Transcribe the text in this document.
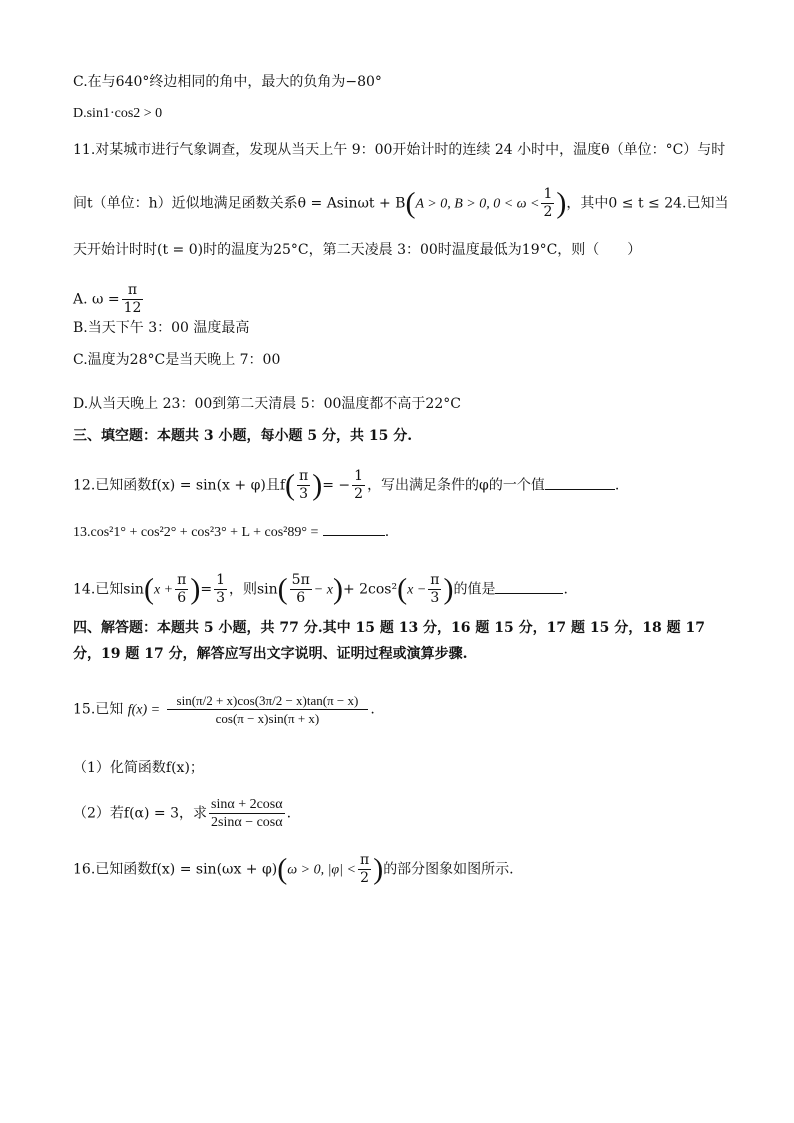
C.在与640°终边相同的角中，最大的负角为−80°
D.sin1·cos2 > 0
11.对某城市进行气象调查，发现从当天上午 9：00开始计时的连续 24 小时中，温度θ（单位：°C）与时
间t（单位：h）近似地满足函数关系θ = Asinωt + B(A > 0, B > 0, $0 < \omega < \frac{1}{2}$ )，其中0 ≤ t ≤ 24.已知当
天开始计时时(t = 0)时的温度为25°C，第二天凌晨 3：00时温度最低为19°C，则（　　）
A. $\omega = \frac{\pi}{12}$
B.当天下午 3：00 温度最高
C.温度为28°C是当天晚上 7：00
D.从当天晚上 23：00到第二天清晨 5：00温度都不高于22°C
三、填空题：本题共 3 小题，每小题 5 分，共 15 分.
12.已知函数f(x) = sin(x + φ)且$f( \frac{\pi}{3}$ )= − $\frac{1}{2}$ ，写出满足条件的φ的一个值	.
13.cos²1° + cos²2° + cos²3° + L + cos²89° =	.
14.已知$\sin(x + \frac{\pi}{6}$ )= $\frac{1}{3}$ ，则$\sin( \frac{5\pi}{6} - x)+ 2\cos^2(x - \frac{\pi}{3}$ )的值是	.
四、解答题：本题共 5 小题，共 77 分.其中 15 题 13 分，16 题 15 分，17 题 15 分，18 题 17
分，19 题 17 分，解答应写出文字说明、证明过程或演算步骤.
15.已知 $f(x) = \frac{\sin(\pi/2 + x)\cos(3\pi/2 - x)\tan(\pi - x)}{\cos(\pi - x)\sin(\pi + x)}$ .
（1）化简函数f(x)；
（2）若f(α) = 3，求 $\frac{\sin\alpha + 2\cos\alpha}{2\sin\alpha - \cos\alpha}$ .
16.已知函数f(x) = sin(ωx + φ)(ω > 0, $|\varphi| < \frac{\pi}{2}$ )的部分图象如图所示.
